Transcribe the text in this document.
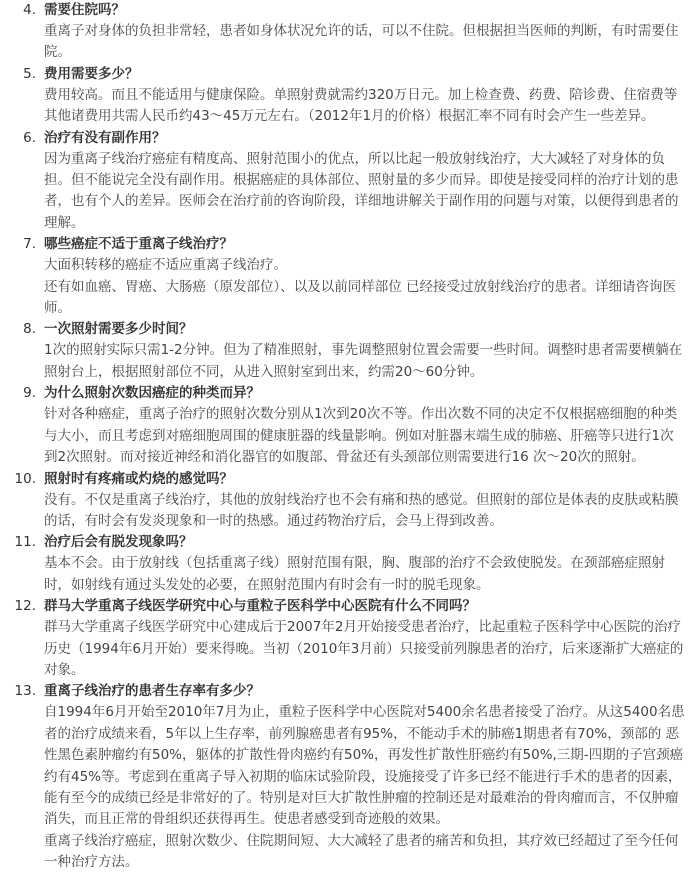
4. 需要住院吗？

重离子对身体的负担非常轻，患者如身体状况允许的话，可以不住院。但根据担当医师的判断，有时需要住院。

5. 费用需要多少？

费用较高。而且不能适用与健康保险。单照射费就需约320万日元。加上检查费、药费、陪诊费、住宿费等其他诸费用共需人民币约43～45万元左右。（2012年1月的价格）根据汇率不同有时会产生一些差异。

6. 治疗有没有副作用？

因为重离子线治疗癌症有精度高、照射范围小的优点，所以比起一般放射线治疗，大大减轻了对身体的负担。但不能说完全没有副作用。根据癌症的具体部位、照射量的多少而异。即使是接受同样的治疗计划的患者，也有个人的差异。医师会在治疗前的咨询阶段，详细地讲解关于副作用的问题与对策，以便得到患者的理解。

7. 哪些癌症不适于重离子线治疗？

大面积转移的癌症不适应重离子线治疗。

还有如血癌、胃癌、大肠癌（原发部位）、以及以前同样部位 已经接受过放射线治疗的患者。详细请咨询医师。

8. 一次照射需要多少时间？

1次的照射实际只需1-2分钟。但为了精准照射，事先调整照射位置会需要一些时间。调整时患者需要横躺在照射台上，根据照射部位不同，从进入照射室到出来，约需20～60分钟。

9. 为什么照射次数因癌症的种类而异？

针对各种癌症，重离子治疗的照射次数分别从1次到20次不等。作出次数不同的决定不仅根据癌细胞的种类与大小，而且考虑到对癌细胞周围的健康脏器的线量影响。例如对脏器末端生成的肺癌、肝癌等只进行1次到2次照射。而对接近神经和消化器官的如腹部、骨盆还有头颈部位则需要进行16 次～20次的照射。

10. 照射时有疼痛或灼烧的感觉吗？

没有。不仅是重离子线治疗，其他的放射线治疗也不会有痛和热的感觉。但照射的部位是体表的皮肤或粘膜的话，有时会有发炎现象和一时的热感。通过药物治疗后，会马上得到改善。

11. 治疗后会有脱发现象吗？

基本不会。由于放射线（包括重离子线）照射范围有限，胸、腹部的治疗不会致使脱发。在颈部癌症照射时，如射线有通过头发处的必要，在照射范围内有时会有一时的脱毛现象。

12. 群马大学重离子线医学研究中心与重粒子医科学中心医院有什么不同吗？

群马大学重离子线医学研究中心建成后于2007年2月开始接受患者治疗，比起重粒子医科学中心医院的治疗历史（1994年6月开始）要来得晚。当初（2010年3月前）只接受前列腺患者的治疗，后来逐渐扩大癌症的对象。

13. 重离子线治疗的患者生存率有多少？

自1994年6月开始至2010年7月为止，重粒子医科学中心医院对5400余名患者接受了治疗。从这5400名患者的治疗成绩来看，5年以上生存率，前列腺癌患者有95%，不能动手术的肺癌1期患者有70%，颈部的 恶性黑色素肿瘤约有50%，躯体的扩散性骨肉癌约有50%，再发性扩散性肝癌约有50%,三期-四期的子宫颈癌约有45%等。考虑到在重离子导入初期的临床试验阶段，设施接受了许多已经不能进行手术的患者的因素，能有至今的成绩已经是非常好的了。特别是对巨大扩散性肿瘤的控制还是对最难治的骨肉瘤而言，不仅肿瘤消失，而且正常的骨组织还获得再生。使患者感受到奇迹般的效果。

重离子线治疗癌症，照射次数少、住院期间短、大大减轻了患者的痛苦和负担，其疗效已经超过了至今任何一种治疗方法。
